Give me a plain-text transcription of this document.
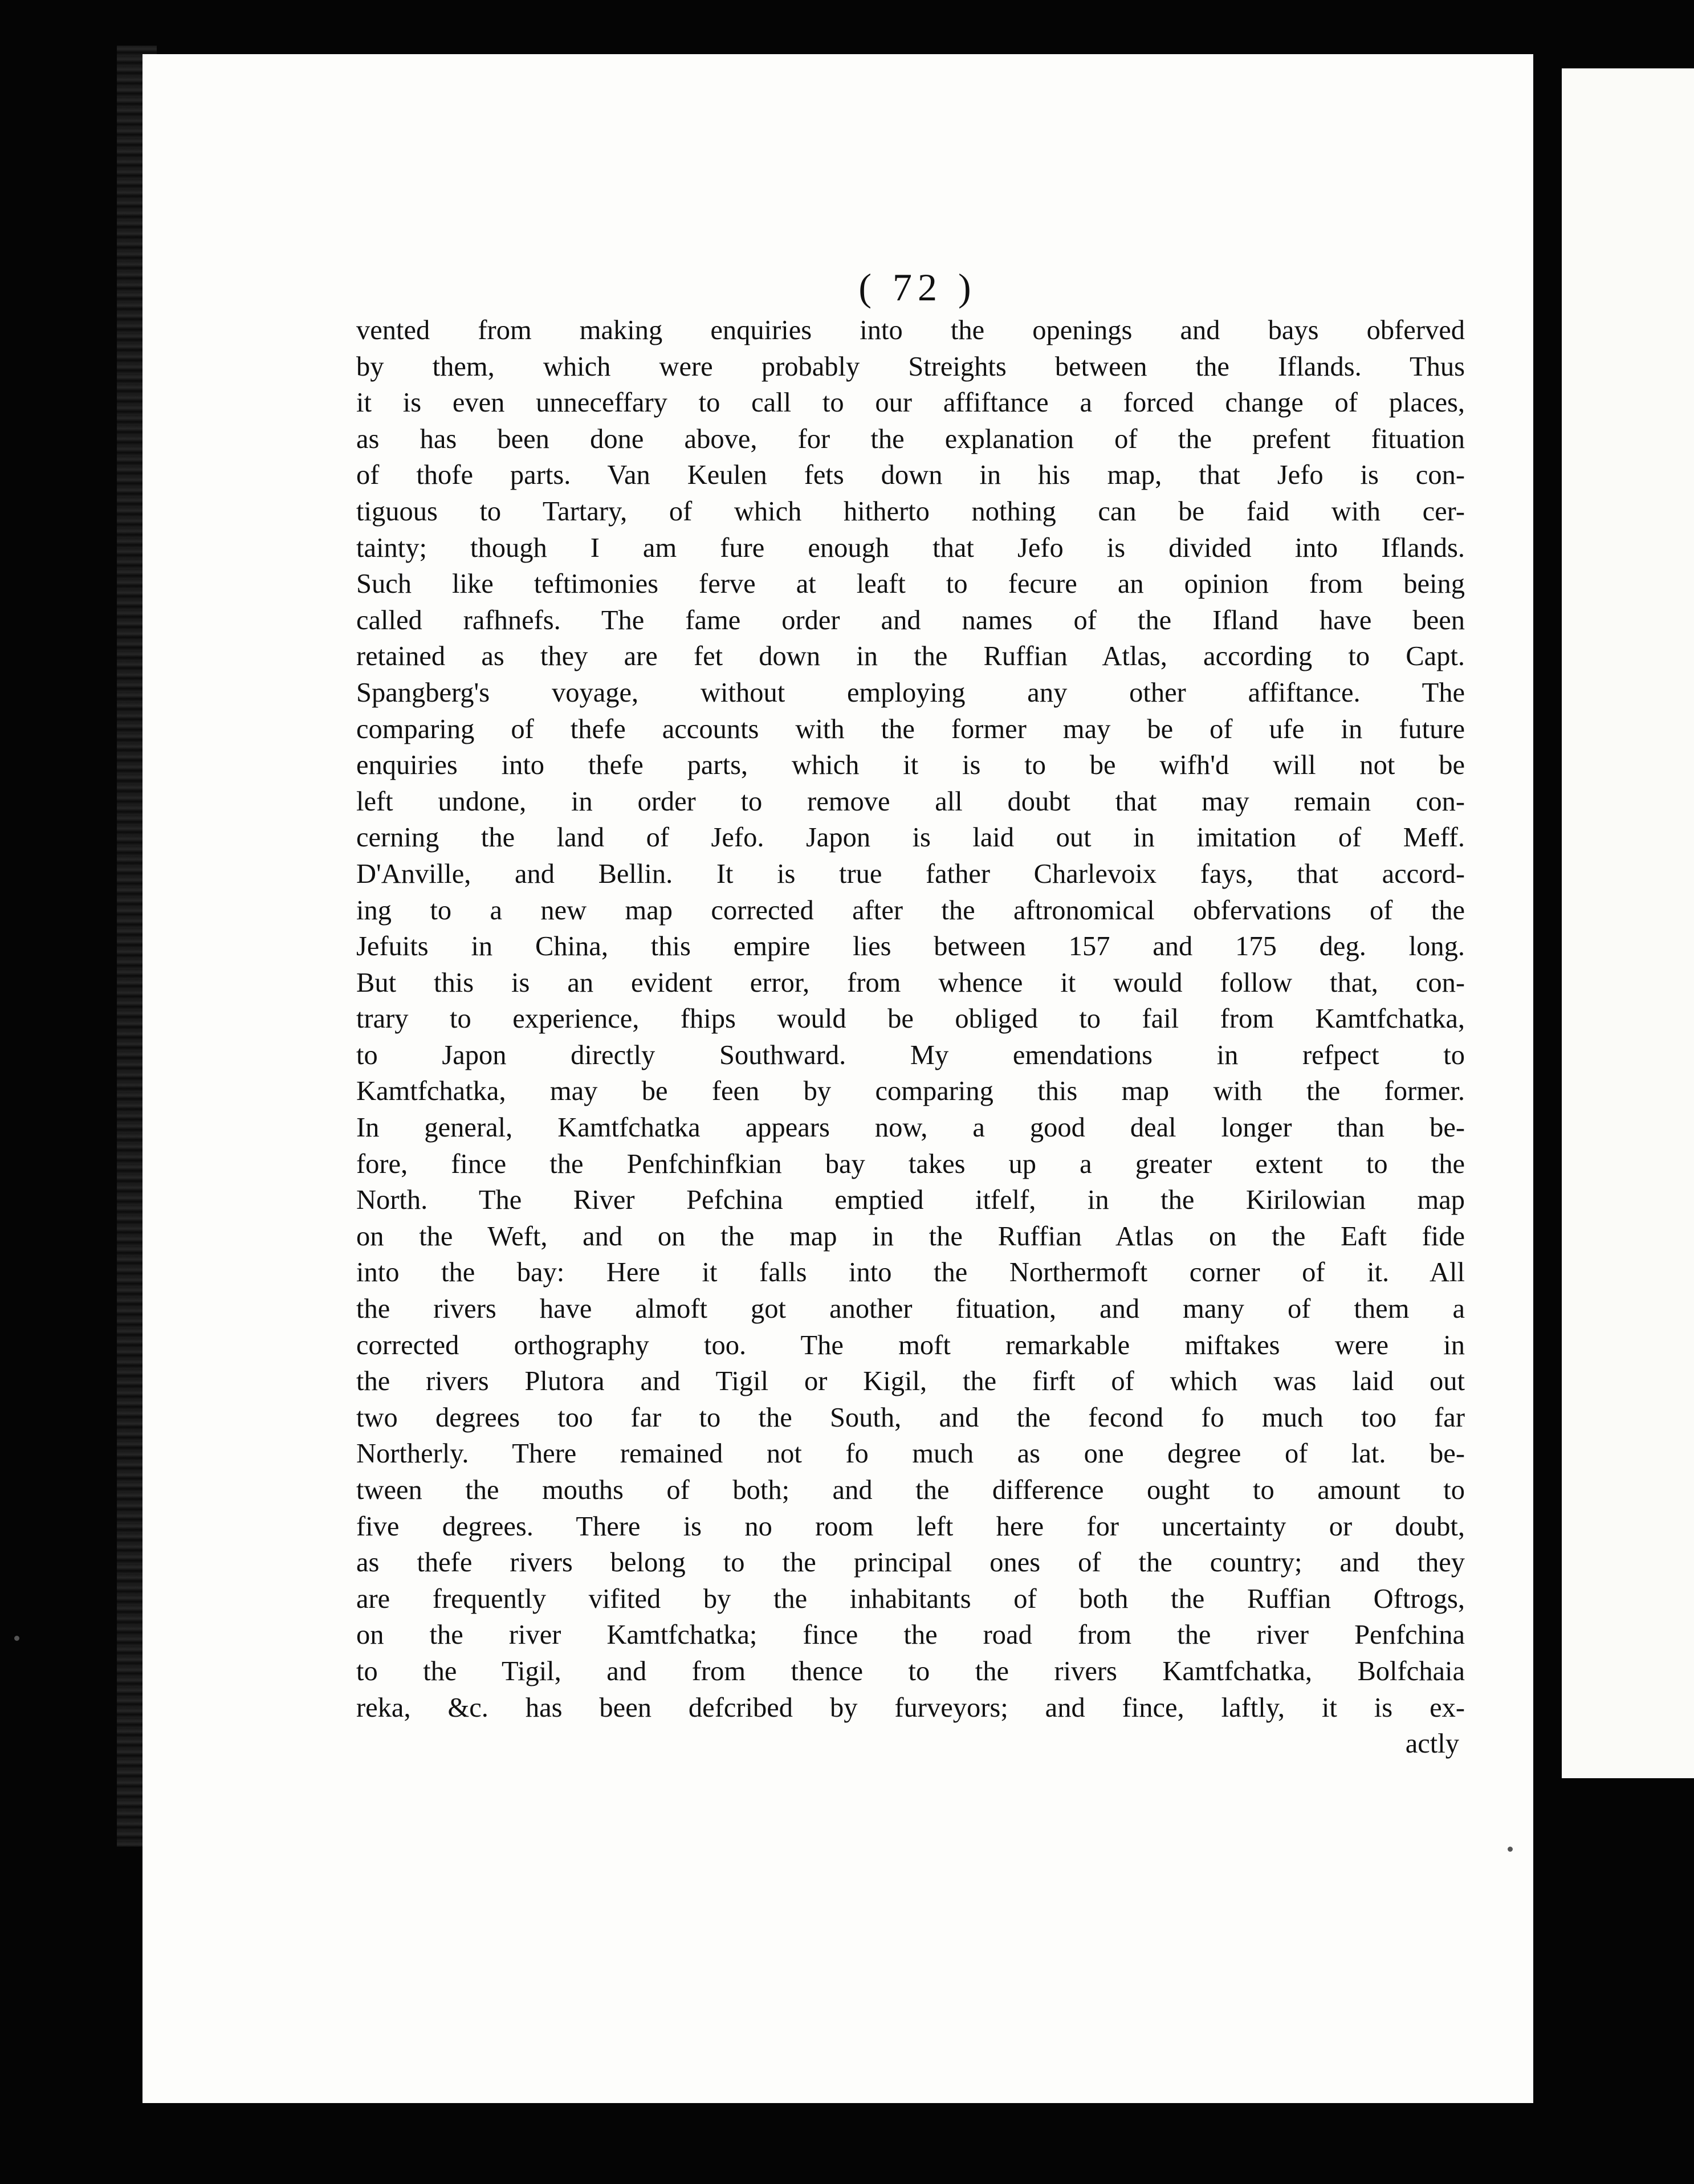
( 72 )
vented from making enquiries into the openings and bays obferved
by them, which were probably Streights between the Iflands. Thus
it is even unneceffary to call to our affiftance a forced change of places,
as has been done above, for the explanation of the prefent fituation
of thofe parts. Van Keulen fets down in his map, that Jefo is con-
tiguous to Tartary, of which hitherto nothing can be faid with cer-
tainty; though I am fure enough that Jefo is divided into Iflands.
Such like teftimonies ferve at leaft to fecure an opinion from being
called rafhnefs. The fame order and names of the Ifland have been
retained as they are fet down in the Ruffian Atlas, according to Capt.
Spangberg's voyage, without employing any other affiftance. The
comparing of thefe accounts with the former may be of ufe in future
enquiries into thefe parts, which it is to be wifh'd will not be
left undone, in order to remove all doubt that may remain con-
cerning the land of Jefo. Japon is laid out in imitation of Meff.
D'Anville, and Bellin. It is true father Charlevoix fays, that accord-
ing to a new map corrected after the aftronomical obfervations of the
Jefuits in China, this empire lies between 157 and 175 deg. long.
But this is an evident error, from whence it would follow that, con-
trary to experience, fhips would be obliged to fail from Kamtfchatka,
to Japon directly Southward. My emendations in refpect to
Kamtfchatka, may be feen by comparing this map with the former.
In general, Kamtfchatka appears now, a good deal longer than be-
fore, fince the Penfchinfkian bay takes up a greater extent to the
North. The River Pefchina emptied itfelf, in the Kirilowian map
on the Weft, and on the map in the Ruffian Atlas on the Eaft fide
into the bay: Here it falls into the Northermoft corner of it. All
the rivers have almoft got another fituation, and many of them a
corrected orthography too. The moft remarkable miftakes were in
the rivers Plutora and Tigil or Kigil, the firft of which was laid out
two degrees too far to the South, and the fecond fo much too far
Northerly. There remained not fo much as one degree of lat. be-
tween the mouths of both; and the difference ought to amount to
five degrees. There is no room left here for uncertainty or doubt,
as thefe rivers belong to the principal ones of the country; and they
are frequently vifited by the inhabitants of both the Ruffian Oftrogs,
on the river Kamtfchatka; fince the road from the river Penfchina
to the Tigil, and from thence to the rivers Kamtfchatka, Bolfchaia
reka, &c. has been defcribed by furveyors; and fince, laftly, it is ex-
actly
